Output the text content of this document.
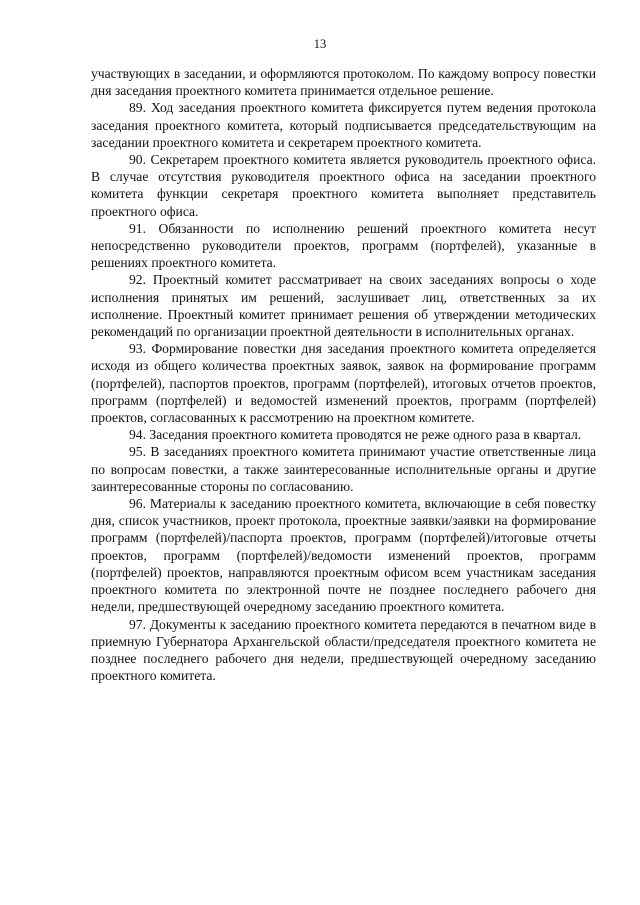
13

участвующих в заседании, и оформляются протоколом. По каждому вопросу повестки дня заседания проектного комитета принимается отдельное решение.

89. Ход заседания проектного комитета фиксируется путем ведения протокола заседания проектного комитета, который подписывается председательствующим на заседании проектного комитета и секретарем проектного комитета.

90. Секретарем проектного комитета является руководитель проектного офиса. В случае отсутствия руководителя проектного офиса на заседании проектного комитета функции секретаря проектного комитета выполняет представитель проектного офиса.

91. Обязанности по исполнению решений проектного комитета несут непосредственно руководители проектов, программ (портфелей), указанные в решениях проектного комитета.

92. Проектный комитет рассматривает на своих заседаниях вопросы о ходе исполнения принятых им решений, заслушивает лиц, ответственных за их исполнение. Проектный комитет принимает решения об утверждении методических рекомендаций по организации проектной деятельности в исполнительных органах.

93. Формирование повестки дня заседания проектного комитета определяется исходя из общего количества проектных заявок, заявок на формирование программ (портфелей), паспортов проектов, программ (портфелей), итоговых отчетов проектов, программ (портфелей) и ведомостей изменений проектов, программ (портфелей) проектов, согласованных к рассмотрению на проектном комитете.

94. Заседания проектного комитета проводятся не реже одного раза в квартал.

95. В заседаниях проектного комитета принимают участие ответственные лица по вопросам повестки, а также заинтересованные исполнительные органы и другие заинтересованные стороны по согласованию.

96. Материалы к заседанию проектного комитета, включающие в себя повестку дня, список участников, проект протокола, проектные заявки/заявки на формирование программ (портфелей)/паспорта проектов, программ (портфелей)/итоговые отчеты проектов, программ (портфелей)/ведомости изменений проектов, программ (портфелей) проектов, направляются проектным офисом всем участникам заседания проектного комитета по электронной почте не позднее последнего рабочего дня недели, предшествующей очередному заседанию проектного комитета.

97. Документы к заседанию проектного комитета передаются в печатном виде в приемную Губернатора Архангельской области/председателя проектного комитета не позднее последнего рабочего дня недели, предшествующей очередному заседанию проектного комитета.
